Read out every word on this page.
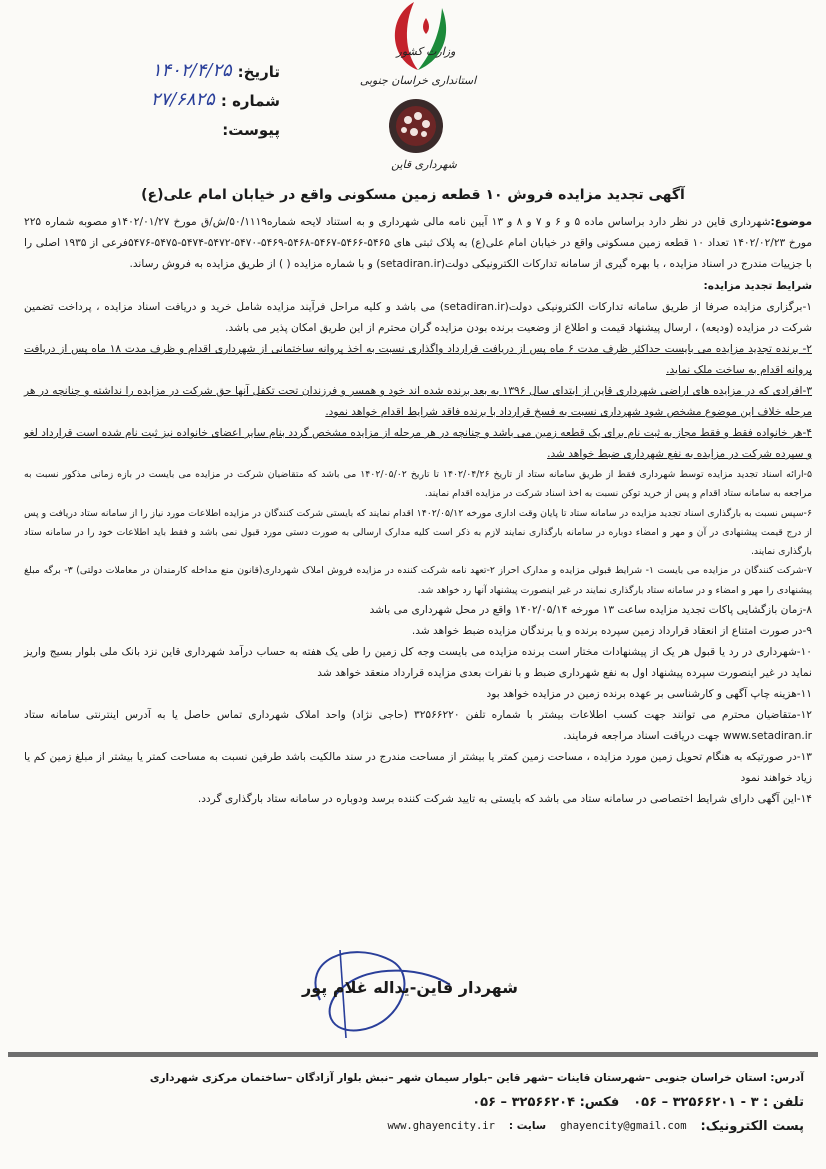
وزارت کشور
استانداری خراسان جنوبی
شهرداری قاین
تاریخ:
۱۴۰۲/۴/۲۵
شماره :
۲۷/۶۸۲۵
پیوست:
آگهی تجدید مزایده فروش ۱۰ قطعه زمین مسکونی واقع در خیابان امام علی(ع)

موضوع:شهرداری قاین در نظر دارد براساس ماده ۵ و ۶ و ۷ و ۸ و ۱۳ آیین نامه مالی شهرداری و به استناد لایحه شماره۵۰/۱۱۱۹/ش/ق مورخ ۱۴۰۲/۰۱/۲۷و مصوبه شماره ۲۲۵ مورخ ۱۴۰۲/۰۲/۲۳ تعداد ۱۰ قطعه زمین مسکونی واقع در خیابان امام علی(ع) به پلاک ثبتی های ۵۴۶۵-۵۴۶۶-۵۴۶۷-۵۴۶۸-۵۴۶۹-۵۴۷۰-۵۴۷۲-۵۴۷۴-۵۴۷۵-۵۴۷۶فرعی از ۱۹۳۵ اصلی را با جزییات مندرج در اسناد مزایده ، با بهره گیری از سامانه تدارکات الکترونیکی دولت(setadiran.ir) و با شماره مزایده ( ) از طریق مزایده به فروش رساند.

شرایط تجدید مزایده:

۱-برگزاری مزایده صرفا از طریق سامانه تدارکات الکترونیکی دولت(setadiran.ir) می باشد و کلیه مراحل فرآیند مزایده شامل خرید و دریافت اسناد مزایده ، پرداخت تضمین شرکت در مزایده (ودیعه) ، ارسال پیشنهاد قیمت و اطلاع از وضعیت برنده بودن مزایده گران محترم از این طریق امکان پذیر می باشد.

۲- برنده تجدید مزایده می بایست حداکثر ظرف مدت ۶ ماه پس از دریافت قرارداد واگذاری نسبت به اخذ پروانه ساختمانی از شهرداری اقدام و ظرف مدت ۱۸ ماه پس از دریافت پروانه اقدام به ساخت ملک نماید.

۳-افرادی که در مزایده های اراضی شهرداری قاین از ابتدای سال ۱۳۹۶ به بعد برنده شده اند خود و همسر و فرزندان تحت تکفل آنها حق شرکت در مزایده را نداشته و چنانچه در هر مرحله خلاف این موضوع مشخص شود شهرداری نسبت به فسخ قرارداد با برنده فاقد شرایط اقدام خواهد نمود.

۴-هر خانواده فقط و فقط مجاز به ثبت نام برای یک قطعه زمین می باشد و چنانچه در هر مرحله از مزایده مشخص گردد بنام سایر اعضای خانواده نیز ثبت نام شده است قرارداد لغو و سپرده شرکت در مزایده به نفع شهرداری ضبط خواهد شد.

۵-ارائه اسناد تجدید مزایده توسط شهرداری فقط از طریق سامانه ستاد از تاریخ ۱۴۰۲/۰۴/۲۶ تا تاریخ ۱۴۰۲/۰۵/۰۲ می باشد که متقاضیان شرکت در مزایده می بایست در بازه زمانی مذکور نسبت به مراجعه به سامانه ستاد اقدام و پس از خرید توکن نسبت به اخذ اسناد شرکت در مزایده اقدام نمایند.

۶-سپس نسبت به بارگذاری اسناد تجدید مزایده در سامانه ستاد تا پایان وقت اداری مورخه ۱۴۰۲/۰۵/۱۲ اقدام نمایند که بایستی شرکت کنندگان در مزایده اطلاعات مورد نیاز را از سامانه ستاد دریافت و پس از درج قیمت پیشنهادی در آن و مهر و امضاء دوباره در سامانه بارگذاری نمایند لازم به ذکر است کلیه مدارک ارسالی به صورت دستی مورد قبول نمی باشد و فقط باید اطلاعات خود را در سامانه ستاد بارگذاری نمایند.

۷-شرکت کنندگان در مزایده می بایست ۱- شرایط قبولی مزایده و مدارک احراز ۲-تعهد نامه شرکت کننده در مزایده فروش املاک شهرداری(قانون منع مداخله کارمندان در معاملات دولتی) ۳- برگه مبلغ پیشنهادی را مهر و امضاء و در سامانه ستاد بارگذاری نمایند در غیر اینصورت پیشنهاد آنها رد خواهد شد.

۸-زمان بازگشایی پاکات تجدید مزایده ساعت ۱۳ مورخه ۱۴۰۲/۰۵/۱۴ واقع در محل شهرداری می باشد

۹-در صورت امتناع از انعقاد قرارداد زمین سپرده برنده و یا برندگان مزایده ضبط خواهد شد.

۱۰-شهرداری در رد یا قبول هر یک از پیشنهادات مختار است برنده مزایده می بایست وجه کل زمین را طی یک هفته به حساب درآمد شهرداری قاین نزد بانک ملی بلوار بسیج واریز نماید در غیر اینصورت سپرده پیشنهاد اول به نفع شهرداری ضبط و با نفرات بعدی مزایده قرارداد منعقد خواهد شد

۱۱-هزینه چاپ آگهی و کارشناسی بر عهده برنده زمین در مزایده خواهد بود

۱۲-متقاضیان محترم می توانند جهت کسب اطلاعات بیشتر با شماره تلفن ۳۲۵۶۶۲۲۰ (حاجی نژاد) واحد املاک شهرداری تماس حاصل یا به آدرس اینترنتی سامانه ستاد www.setadiran.ir جهت دریافت اسناد مراجعه فرمایند.

۱۳-در صورتیکه به هنگام تحویل زمین مورد مزایده ، مساحت زمین کمتر یا بیشتر از مساحت مندرج در سند مالکیت باشد طرفین نسبت به مساحت کمتر یا بیشتر از مبلغ زمین کم یا زیاد خواهند نمود

۱۴-این آگهی دارای شرایط اختصاصی در سامانه ستاد می باشد که بایستی به تایید شرکت کننده برسد ودوباره در سامانه ستاد بارگذاری گردد.

شهردار قاین-یداله غلام پور
آدرس: استان خراسان جنوبی –شهرستان قاینات –شهر قاین –بلوار سیمان شهر –نبش بلوار آزادگان –ساختمان مرکزی شهرداری
تلفن : ۳ - ۳۲۵۶۶۲۰۱ – ۰۵۶
فکس: ۳۲۵۶۶۲۰۴ – ۰۵۶
پست الکترونیک:
ghayencity@gmail.com
سایت :
www.ghayencity.ir
